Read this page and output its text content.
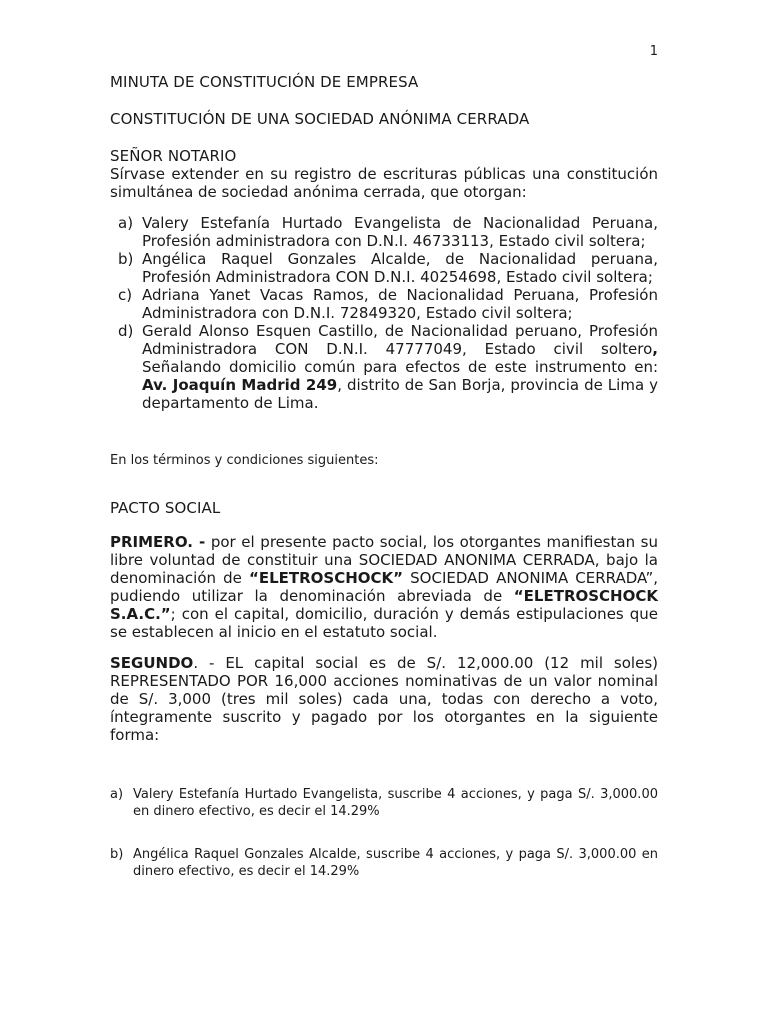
1
MINUTA DE CONSTITUCIÓN DE EMPRESA
CONSTITUCIÓN DE UNA SOCIEDAD ANÓNIMA CERRADA
SEÑOR NOTARIO
Sírvase extender en su registro de escrituras públicas una constitución simultánea de sociedad anónima cerrada, que otorgan:
a) Valery Estefanía Hurtado Evangelista de Nacionalidad Peruana, Profesión administradora con D.N.I. 46733113, Estado civil soltera;
b) Angélica Raquel Gonzales Alcalde, de Nacionalidad peruana, Profesión Administradora CON D.N.I. 40254698, Estado civil soltera;
c) Adriana Yanet Vacas Ramos, de Nacionalidad Peruana, Profesión Administradora con D.N.I. 72849320, Estado civil soltera;
d) Gerald Alonso Esquen Castillo, de Nacionalidad peruano, Profesión Administradora CON D.N.I. 47777049, Estado civil soltero, Señalando domicilio común para efectos de este instrumento en: Av. Joaquín Madrid 249, distrito de San Borja, provincia de Lima y departamento de Lima.
En los términos y condiciones siguientes:
PACTO SOCIAL
PRIMERO. - por el presente pacto social, los otorgantes manifiestan su libre voluntad de constituir una SOCIEDAD ANONIMA CERRADA, bajo la denominación de “ELETROSCHOCK” SOCIEDAD ANONIMA CERRADA”, pudiendo utilizar la denominación abreviada de “ELETROSCHOCK S.A.C.”; con el capital, domicilio, duración y demás estipulaciones que se establecen al inicio en el estatuto social.
SEGUNDO. - EL capital social es de S/. 12,000.00 (12 mil soles) REPRESENTADO POR 16,000 acciones nominativas de un valor nominal de S/. 3,000 (tres mil soles) cada una, todas con derecho a voto, íntegramente suscrito y pagado por los otorgantes en la siguiente forma:
a) Valery Estefanía Hurtado Evangelista, suscribe 4 acciones, y paga S/. 3,000.00 en dinero efectivo, es decir el 14.29%
b) Angélica Raquel Gonzales Alcalde, suscribe 4 acciones, y paga S/. 3,000.00 en dinero efectivo, es decir el 14.29%
